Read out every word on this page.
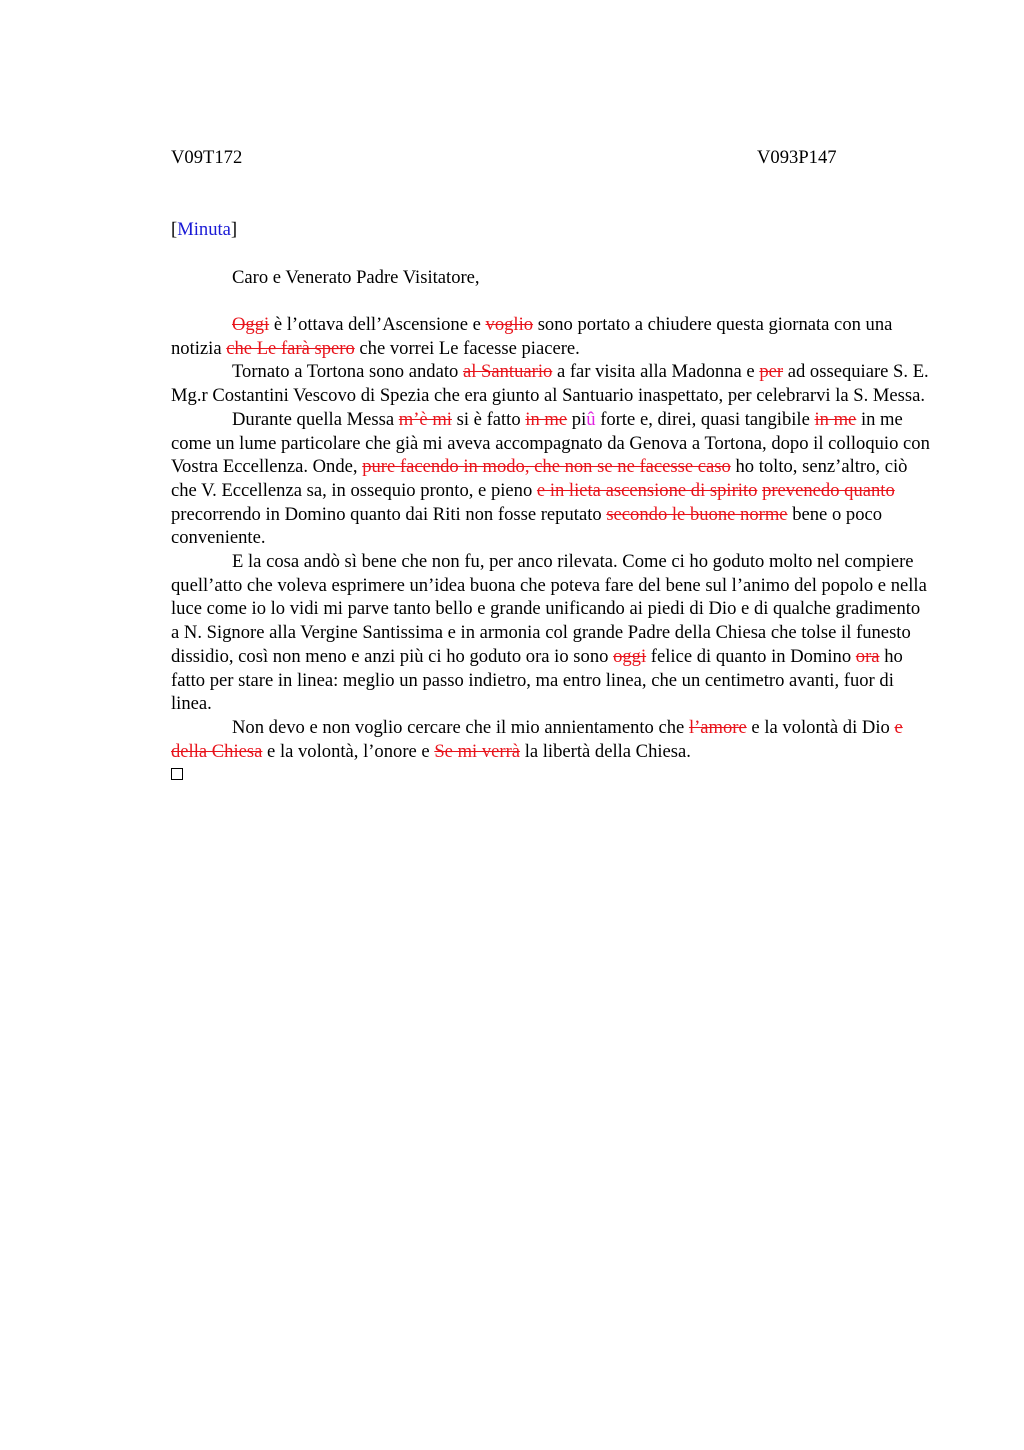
V09T172	V093P147
[Minuta]
Caro e Venerato Padre Visitatore,

Oggi è l’ottava dell’Ascensione e voglio sono portato a chiudere questa giornata con una notizia che Le farà spero che vorrei Le facesse piacere.

Tornato a Tortona sono andato al Santuario a far visita alla Madonna e per ad ossequiare S. E. Mg.r Costantini Vescovo di Spezia che era giunto al Santuario inaspettato, per celebrarvi la S. Messa.

Durante quella Messa m’è mi si è fatto in me piû forte e, direi, quasi tangibile in me in me come un lume particolare che già mi aveva accompagnato da Genova a Tortona, dopo il colloquio con Vostra Eccellenza. Onde, pure facendo in modo, che non se ne facesse caso ho tolto, senz’altro, ciò che V. Eccellenza sa, in ossequio pronto, e pieno e in lieta ascensione di spirito prevenedo quanto precorrendo in Domino quanto dai Riti non fosse reputato secondo le buone norme bene o poco conveniente.

E la cosa andò sì bene che non fu, per anco rilevata. Come ci ho goduto molto nel compiere quell’atto che voleva esprimere un’idea buona che poteva fare del bene sul l’animo del popolo e nella luce come io lo vidi mi parve tanto bello e grande unificando ai piedi di Dio e di qualche gradimento a N. Signore alla Vergine Santissima e in armonia col grande Padre della Chiesa che tolse il funesto dissidio, così non meno e anzi più ci ho goduto ora io sono oggi felice di quanto in Domino ora ho fatto per stare in linea: meglio un passo indietro, ma entro linea, che un centimetro avanti, fuor di linea.

Non devo e non voglio cercare che il mio annientamento che l’amore e la volontà di Dio e della Chiesa e la volontà, l’onore e Se mi verrà la libertà della Chiesa.
